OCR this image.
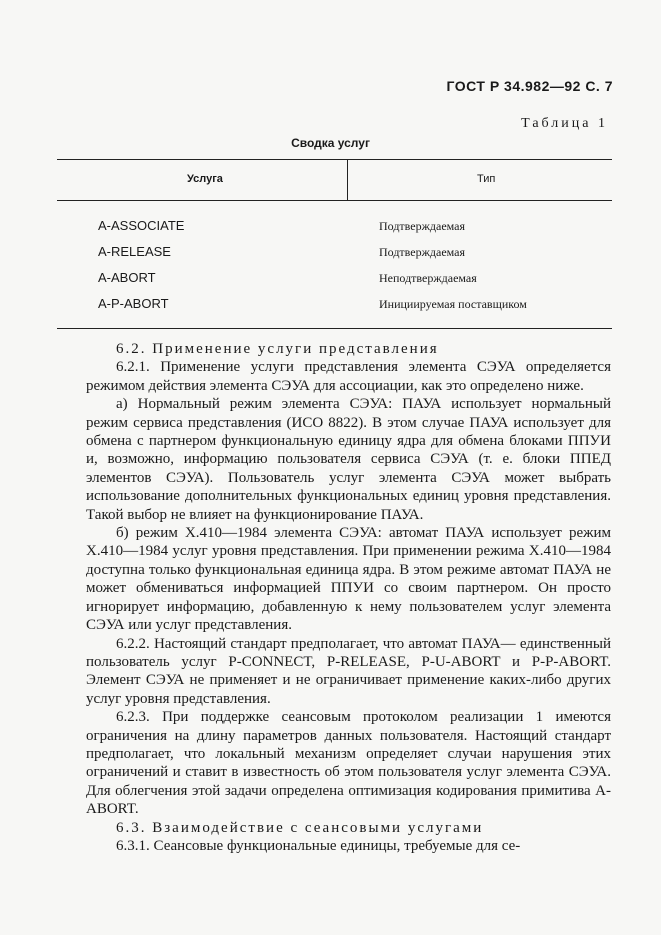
ГОСТ Р 34.982—92 С. 7
Таблица 1
Сводка услуг
Услуга	Тип
A-ASSOCIATE	Подтверждаемая
A-RELEASE	Подтверждаемая
A-ABORT	Неподтверждаемая
A-P-ABORT	Инициируемая поставщиком

6.2. Применение услуги представления

6.2.1. Применение услуги представления элемента СЭУА определяется режимом действия элемента СЭУА для ассоциации, как это определено ниже.

а) Нормальный режим элемента СЭУА: ПАУА использует нормальный режим сервиса представления (ИСО 8822). В этом случае ПАУА использует для обмена с партнером функциональную единицу ядра для обмена блоками ППУИ и, возможно, информацию пользователя сервиса СЭУА (т. е. блоки ППЕД элементов СЭУА). Пользователь услуг элемента СЭУА может выбрать использование дополнительных функциональных единиц уровня представления. Такой выбор не влияет на функционирование ПАУА.

б) режим X.410—1984 элемента СЭУА: автомат ПАУА использует режим X.410—1984 услуг уровня представления. При применении режима X.410—1984 доступна только функциональная единица ядра. В этом режиме автомат ПАУА не может обмениваться информацией ППУИ со своим партнером. Он просто игнорирует информацию, добавленную к нему пользователем услуг элемента СЭУА или услуг представления.

6.2.2. Настоящий стандарт предполагает, что автомат ПАУА— единственный пользователь услуг P-CONNECT, P-RELEASE, P-U-ABORT и P-P-ABORT. Элемент СЭУА не применяет и не ограничивает применение каких-либо других услуг уровня представления.

6.2.3. При поддержке сеансовым протоколом реализации 1 имеются ограничения на длину параметров данных пользователя. Настоящий стандарт предполагает, что локальный механизм определяет случаи нарушения этих ограничений и ставит в известность об этом пользователя услуг элемента СЭУА. Для облегчения этой задачи определена оптимизация кодирования примитива A-ABORT.

6.3. Взаимодействие с сеансовыми услугами

6.3.1. Сеансовые функциональные единицы, требуемые для се-
